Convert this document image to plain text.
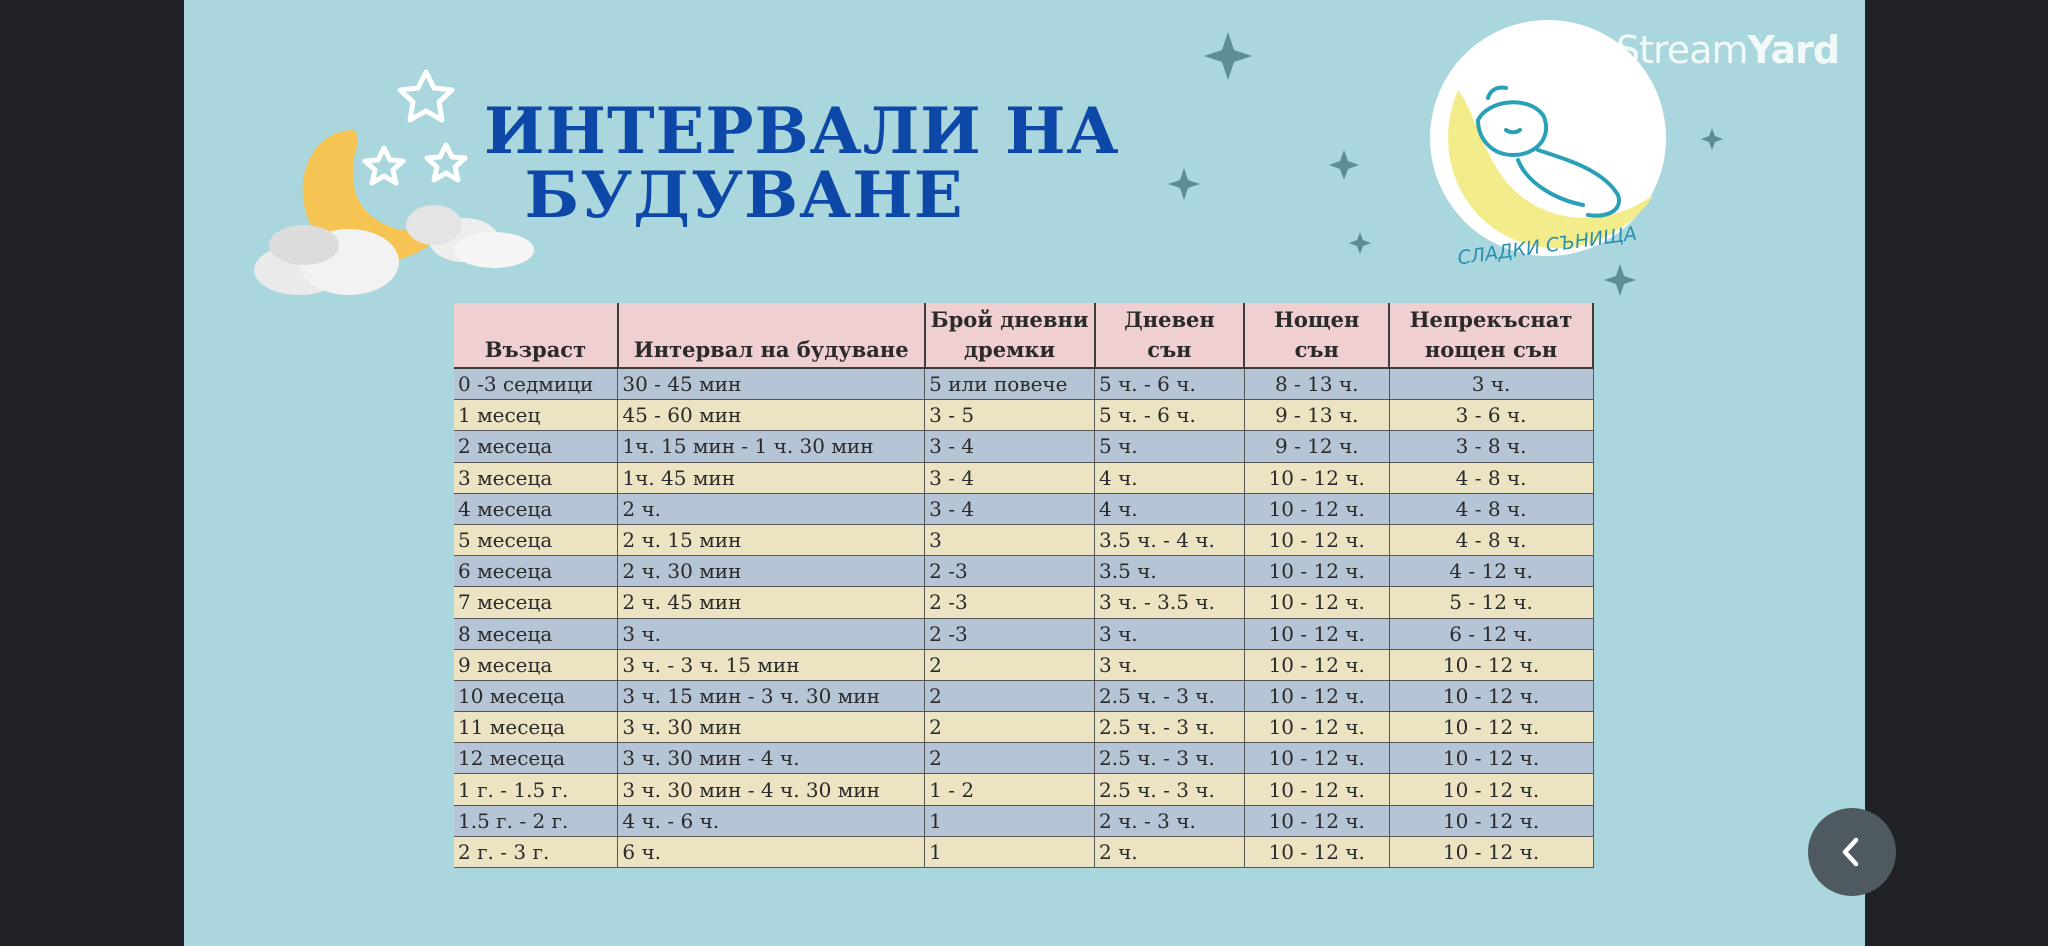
ИНТЕРВАЛИ НА
БУДУВАНЕ
СЛАДКИ СЪНИЩА
StreamYard
Възраст	Интервал на будуване	Брой дневни дремки	Дневен сън	Нощен сън	Непрекъснат нощен сън
0 -3 седмици	30 - 45 мин	5 или повече	5 ч. - 6 ч.	8 - 13 ч.	3 ч.
1 месец	45 - 60 мин	3 - 5	5 ч. - 6 ч.	9 - 13 ч.	3 - 6 ч.
2 месеца	1ч. 15 мин - 1 ч. 30 мин	3 - 4	5 ч.	9 - 12 ч.	3 - 8 ч.
3 месеца	1ч. 45 мин	3 - 4	4 ч.	10 - 12 ч.	4 - 8 ч.
4 месеца	2 ч.	3 - 4	4 ч.	10 - 12 ч.	4 - 8 ч.
5 месеца	2 ч. 15 мин	3	3.5 ч. - 4 ч.	10 - 12 ч.	4 - 8 ч.
6 месеца	2 ч. 30 мин	2 -3	3.5 ч.	10 - 12 ч.	4 - 12 ч.
7 месеца	2 ч. 45 мин	2 -3	3 ч. - 3.5 ч.	10 - 12 ч.	5 - 12 ч.
8 месеца	3 ч.	2 -3	3 ч.	10 - 12 ч.	6 - 12 ч.
9 месеца	3 ч. - 3 ч. 15 мин	2	3 ч.	10 - 12 ч.	10 - 12 ч.
10 месеца	3 ч. 15 мин - 3 ч. 30 мин	2	2.5 ч. - 3 ч.	10 - 12 ч.	10 - 12 ч.
11 месеца	3 ч. 30 мин	2	2.5 ч. - 3 ч.	10 - 12 ч.	10 - 12 ч.
12 месеца	3 ч. 30 мин - 4 ч.	2	2.5 ч. - 3 ч.	10 - 12 ч.	10 - 12 ч.
1 г. - 1.5 г.	3 ч. 30 мин - 4 ч. 30 мин	1 - 2	2.5 ч. - 3 ч.	10 - 12 ч.	10 - 12 ч.
1.5 г. - 2 г.	4 ч. - 6 ч.	1	2 ч. - 3 ч.	10 - 12 ч.	10 - 12 ч.
2 г. - 3 г.	6 ч.	1	2 ч.	10 - 12 ч.	10 - 12 ч.
